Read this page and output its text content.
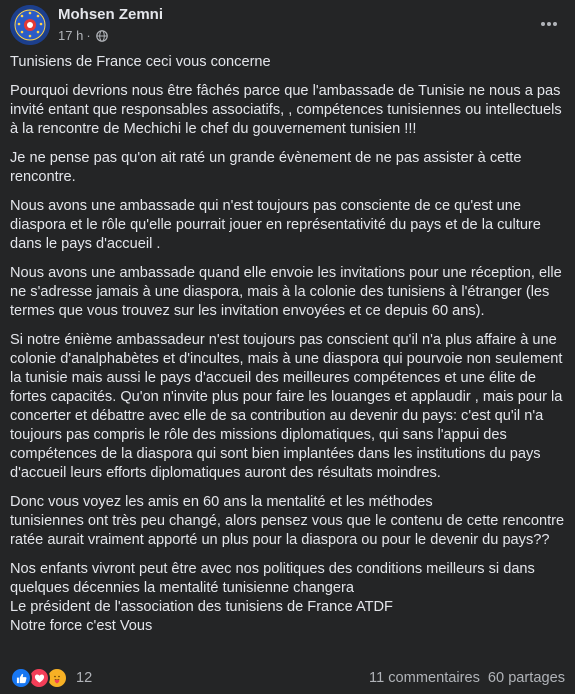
Mohsen Zemni
17 h ·

Tunisiens de France ceci vous concerne

Pourquoi devrions nous être fâchés parce que l'ambassade de Tunisie ne nous a pas invité entant que responsables associatifs, , compétences tunisiennes ou intellectuels à la rencontre de Mechichi le chef du gouvernement tunisien !!!

Je ne pense pas qu'on ait raté un grande évènement de ne pas assister à cette rencontre.

Nous avons une ambassade qui n'est toujours pas consciente de ce qu'est une diaspora et le rôle qu'elle pourrait jouer en représentativité du pays et de la culture dans le pays d'accueil .

Nous avons une ambassade quand elle envoie les invitations pour une réception, elle ne s'adresse jamais à une diaspora, mais à la colonie des tunisiens à l'étranger (les termes que vous trouvez sur les invitation envoyées et ce depuis 60 ans).

Si notre énième ambassadeur n'est toujours pas conscient qu'il n'a plus affaire à une colonie d'analphabètes et d'incultes, mais à une diaspora qui pourvoie non seulement la tunisie mais aussi le pays d'accueil des meilleures compétences et une élite de fortes capacités. Qu'on n'invite plus pour faire les louanges et applaudir , mais pour la concerter et débattre avec elle de sa contribution au devenir du pays: c'est qu'il n'a toujours pas compris le rôle des missions diplomatiques, qui sans l'appui des compétences de la diaspora qui sont bien implantées dans les institutions du pays d'accueil leurs efforts diplomatiques auront des résultats moindres.

Donc vous voyez les amis en 60 ans la mentalité et les méthodes
tunisiennes ont très peu changé, alors pensez vous que le contenu de cette rencontre ratée aurait vraiment apporté un plus pour la diaspora ou pour le devenir du pays??

Nos enfants vivront peut être avec nos politiques des conditions meilleurs si dans quelques décennies la mentalité tunisienne changera
Le président de l'association des tunisiens de France ATDF
Notre force c'est Vous

12	11 commentaires 60 partages
